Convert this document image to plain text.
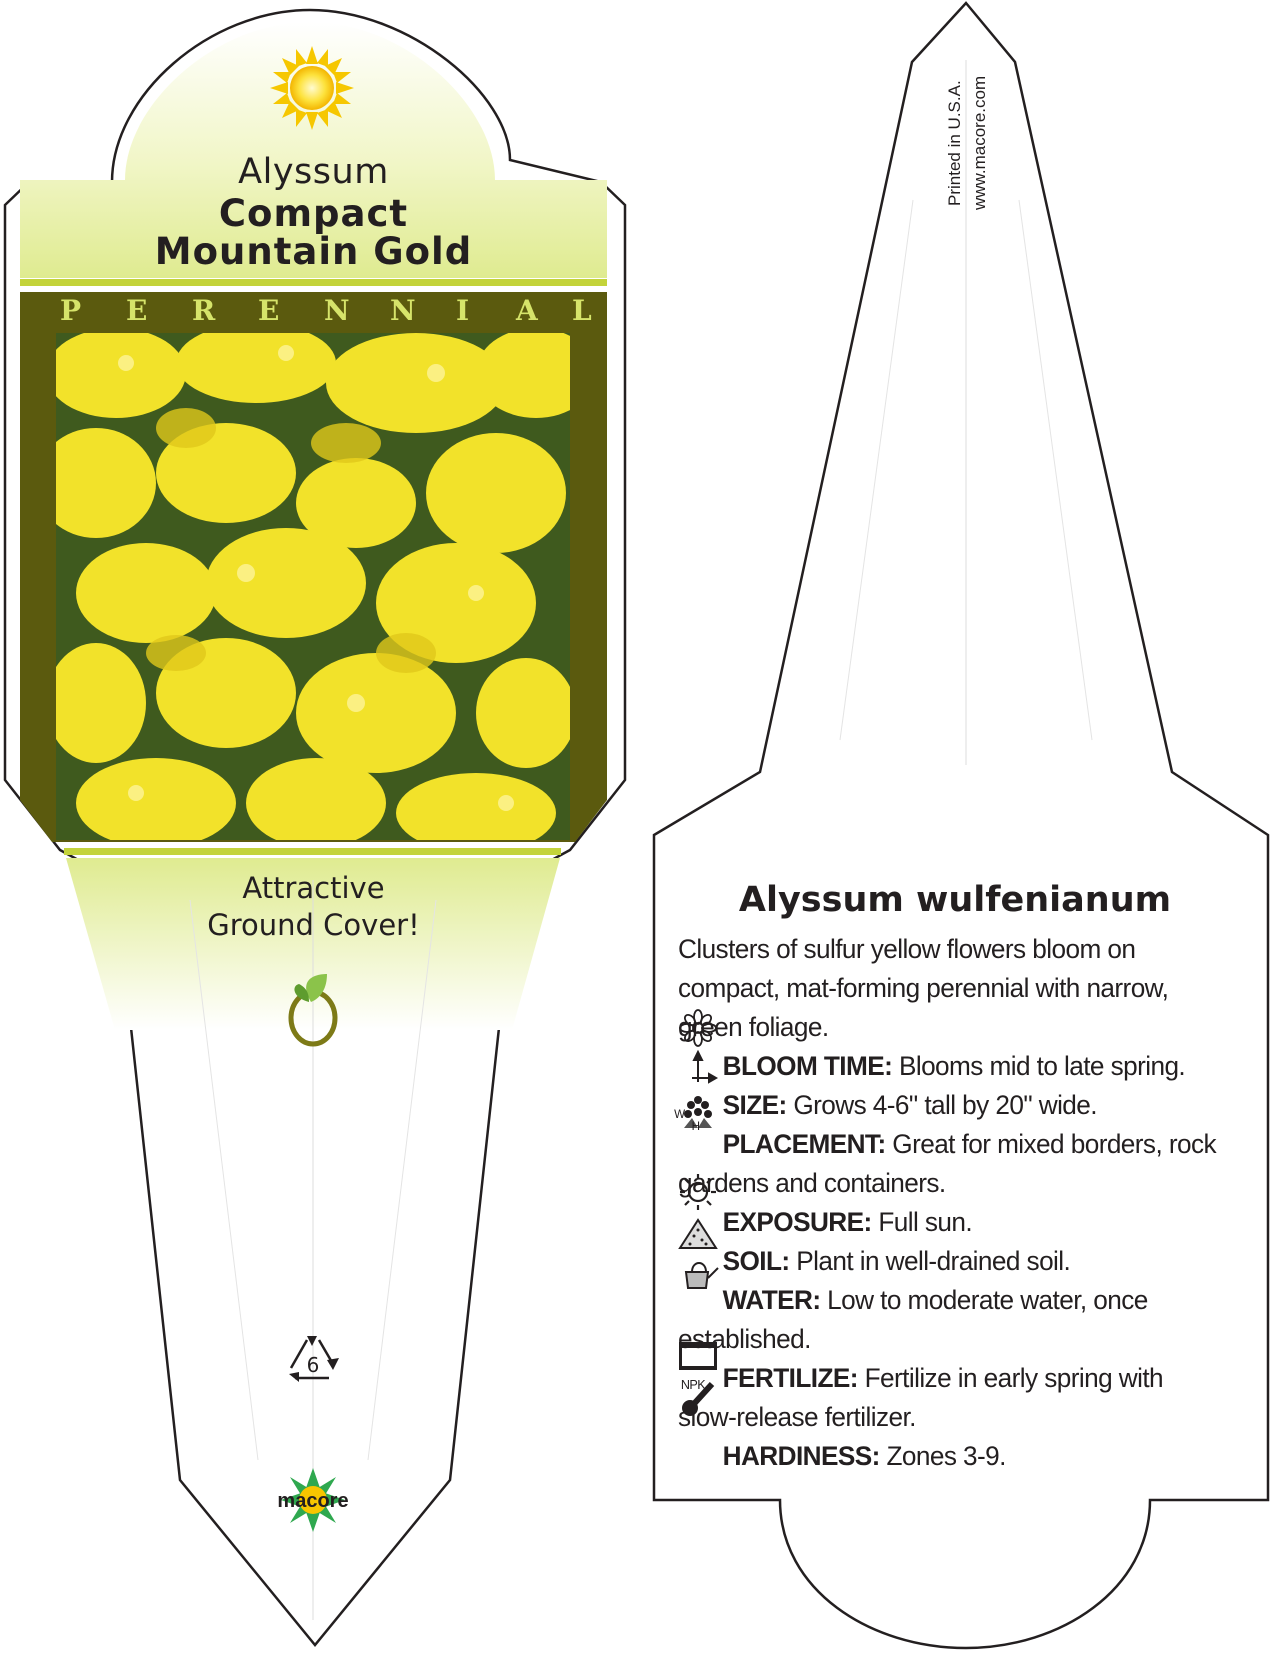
Alyssum
Compact
Mountain Gold
P E R E N N I A L
Attractive
Ground Cover!
6
macore
Printed in U.S.A. www.macore.com
Alyssum wulfenianum
Clusters of sulfur yellow flowers bloom on compact, mat-forming perennial with narrow, green foliage.
BLOOM TIME: Blooms mid to late spring.
W
H
SIZE: Grows 4-6" tall by 20" wide.
PLACEMENT: Great for mixed borders, rock gardens and containers.
EXPOSURE: Full sun.
SOIL: Plant in well-drained soil.
WATER: Low to moderate water, once established.
NPK FERTILIZE: Fertilize in early spring with slow-release fertilizer.
HARDINESS: Zones 3-9.
